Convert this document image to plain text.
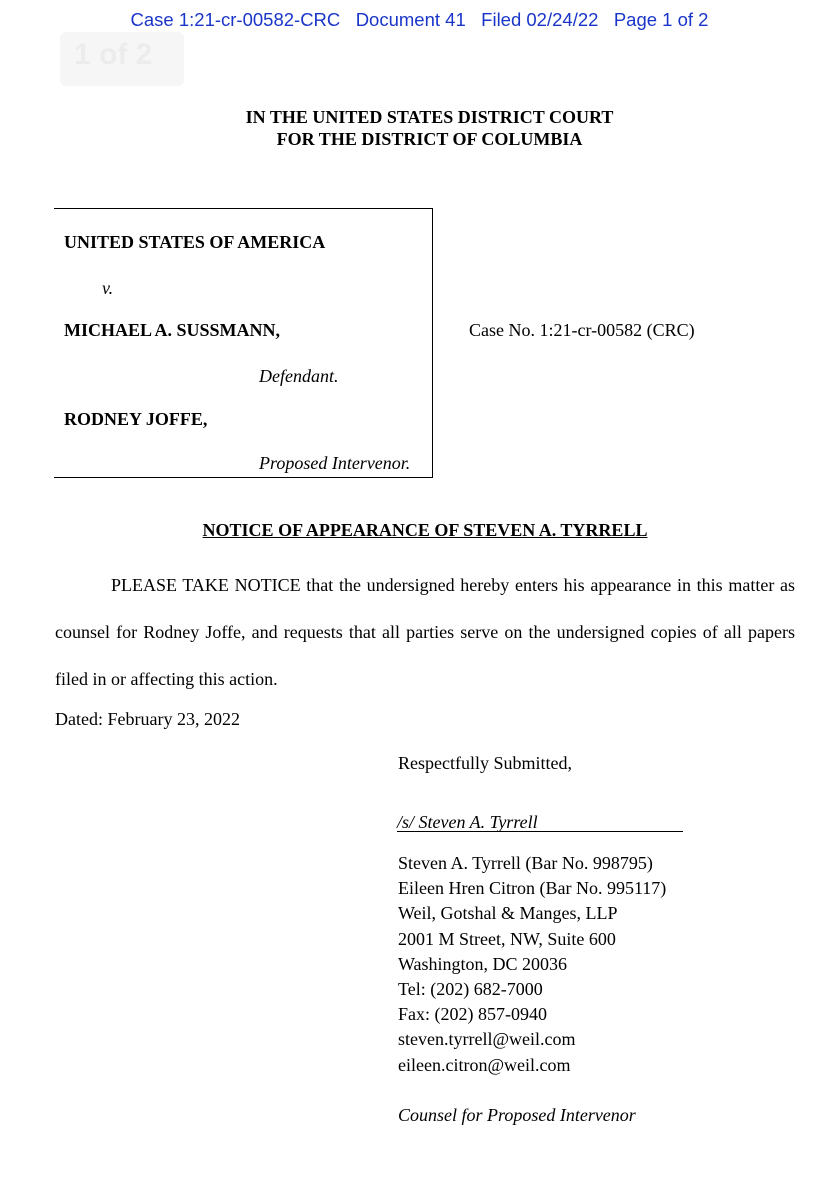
Case 1:21-cr-00582-CRC   Document 41   Filed 02/24/22   Page 1 of 2
1 of 2
IN THE UNITED STATES DISTRICT COURT
FOR THE DISTRICT OF COLUMBIA
UNITED STATES OF AMERICA
v.
MICHAEL A. SUSSMANN,
Defendant.
RODNEY JOFFE,
Proposed Intervenor.
Case No. 1:21-cr-00582 (CRC)
NOTICE OF APPEARANCE OF STEVEN A. TYRRELL
PLEASE TAKE NOTICE that the undersigned hereby enters his appearance in this matter as counsel for Rodney Joffe, and requests that all parties serve on the undersigned copies of all papers filed in or affecting this action.
Dated: February 23, 2022
Respectfully Submitted,
/s/ Steven A. Tyrrell
Steven A. Tyrrell (Bar No. 998795)
Eileen Hren Citron (Bar No. 995117)
Weil, Gotshal & Manges, LLP
2001 M Street, NW, Suite 600
Washington, DC 20036
Tel: (202) 682-7000
Fax: (202) 857-0940
steven.tyrrell@weil.com
eileen.citron@weil.com
Counsel for Proposed Intervenor
